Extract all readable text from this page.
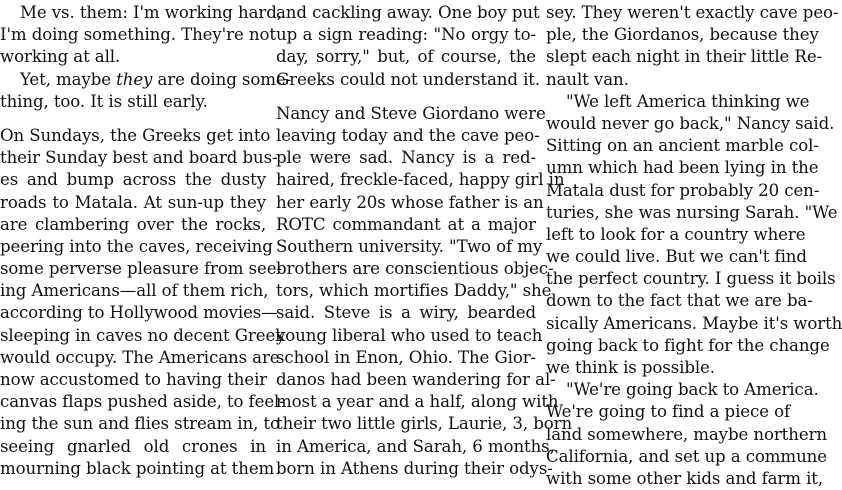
Me vs. them: I'm working hard,
I'm doing something. They're not
working at all.
Yet, maybe they are doing some-
thing, too. It is still early.
On Sundays, the Greeks get into
their Sunday best and board bus-
es and bump across the dusty
roads to Matala. At sun-up they
are clambering over the rocks,
peering into the caves, receiving
some perverse pleasure from see-
ing Americans—all of them rich,
according to Hollywood movies—
sleeping in caves no decent Greek
would occupy. The Americans are
now accustomed to having their
canvas flaps pushed aside, to feel-
ing the sun and flies stream in, to
seeing gnarled old crones in
mourning black pointing at them
and cackling away. One boy put
up a sign reading: "No orgy to-
day, sorry," but, of course, the
Greeks could not understand it.
Nancy and Steve Giordano were
leaving today and the cave peo-
ple were sad. Nancy is a red-
haired, freckle-faced, happy girl in
her early 20s whose father is an
ROTC commandant at a major
Southern university. "Two of my
brothers are conscientious objec-
tors, which mortifies Daddy," she
said. Steve is a wiry, bearded
young liberal who used to teach
school in Enon, Ohio. The Gior-
danos had been wandering for al-
most a year and a half, along with
their two little girls, Laurie, 3, born
in America, and Sarah, 6 months,
born in Athens during their odys-
sey. They weren't exactly cave peo-
ple, the Giordanos, because they
slept each night in their little Re-
nault van.
"We left America thinking we
would never go back," Nancy said.
Sitting on an ancient marble col-
umn which had been lying in the
Matala dust for probably 20 cen-
turies, she was nursing Sarah. "We
left to look for a country where
we could live. But we can't find
the perfect country. I guess it boils
down to the fact that we are ba-
sically Americans. Maybe it's worth
going back to fight for the change
we think is possible.
"We're going back to America.
We're going to find a piece of
land somewhere, maybe northern
California, and set up a commune
with some other kids and farm it,
